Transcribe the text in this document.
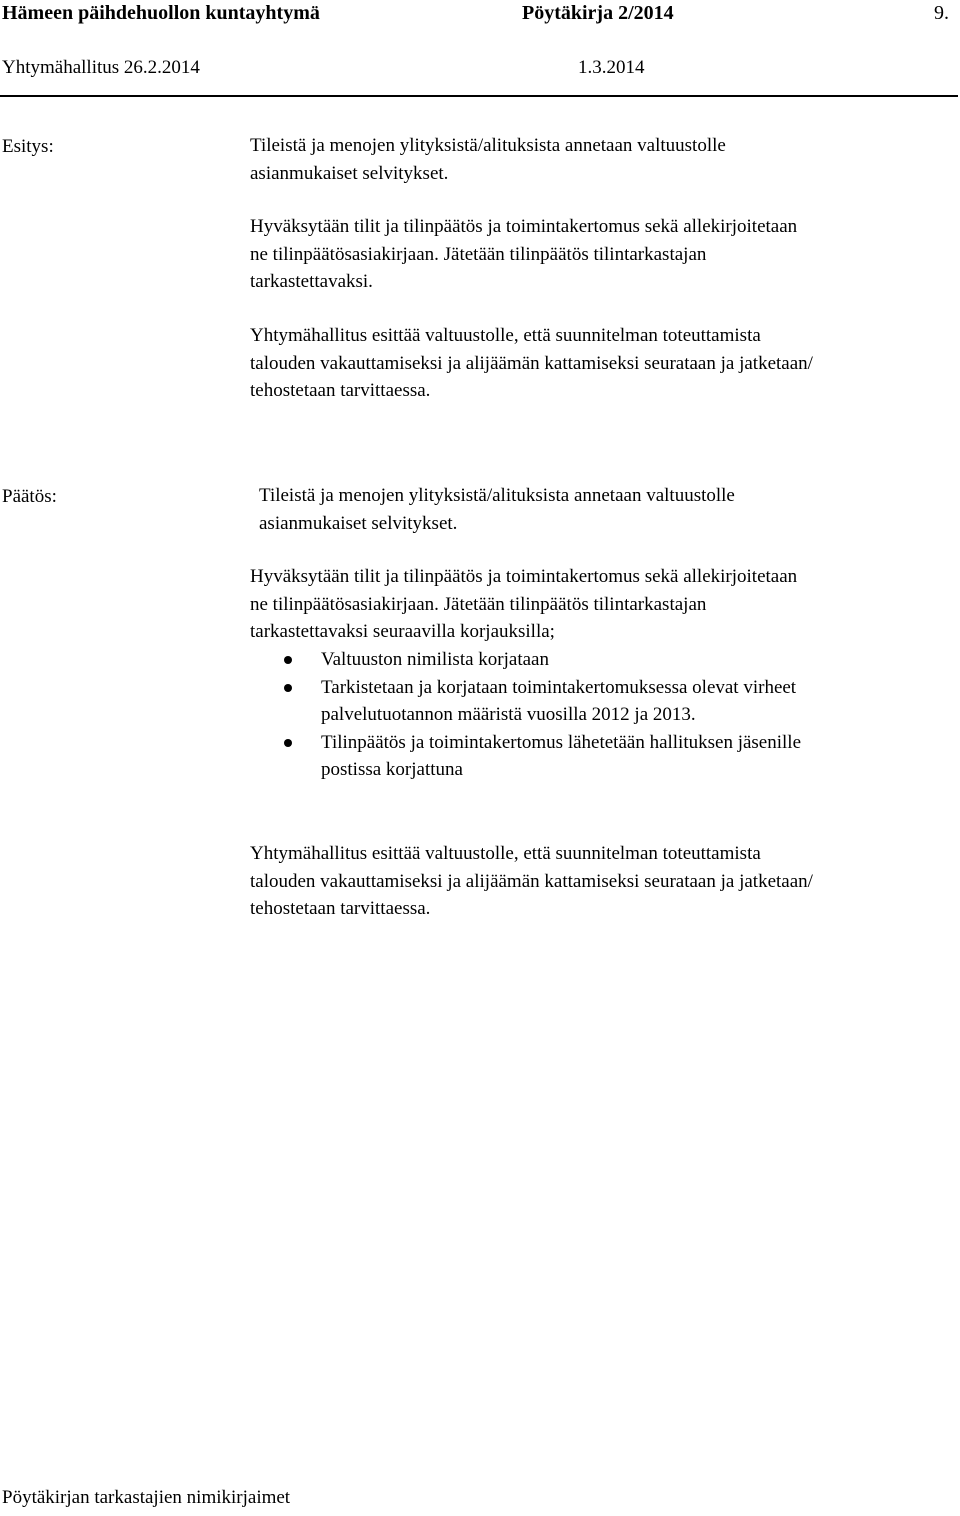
Hämeen päihdehuollon kuntayhtymä	Pöytäkirja 2/2014	9.
Yhtymähallitus 26.2.2014	1.3.2014
Esitys:	Tileistä ja menojen ylityksistä/alituksista annetaan valtuustolle
asianmukaiset selvitykset.
Hyväksytään tilit ja tilinpäätös ja toimintakertomus sekä allekirjoitetaan
ne tilinpäätösasiakirjaan. Jätetään tilinpäätös tilintarkastajan
tarkastettavaksi.
Yhtymähallitus esittää valtuustolle, että suunnitelman toteuttamista
talouden vakauttamiseksi ja alijäämän kattamiseksi seurataan ja jatketaan/
tehostetaan tarvittaessa.
Päätös:	Tileistä ja menojen ylityksistä/alituksista annetaan valtuustolle
asianmukaiset selvitykset.
Hyväksytään tilit ja tilinpäätös ja toimintakertomus sekä allekirjoitetaan
ne tilinpäätösasiakirjaan. Jätetään tilinpäätös tilintarkastajan
tarkastettavaksi seuraavilla korjauksilla;
Valtuuston nimilista korjataan
Tarkistetaan ja korjataan toimintakertomuksessa olevat virheet
palvelutuotannon määristä vuosilla 2012 ja 2013.
Tilinpäätös ja toimintakertomus lähetetään hallituksen jäsenille
postissa korjattuna
Yhtymähallitus esittää valtuustolle, että suunnitelman toteuttamista
talouden vakauttamiseksi ja alijäämän kattamiseksi seurataan ja jatketaan/
tehostetaan tarvittaessa.
Pöytäkirjan tarkastajien nimikirjaimet
